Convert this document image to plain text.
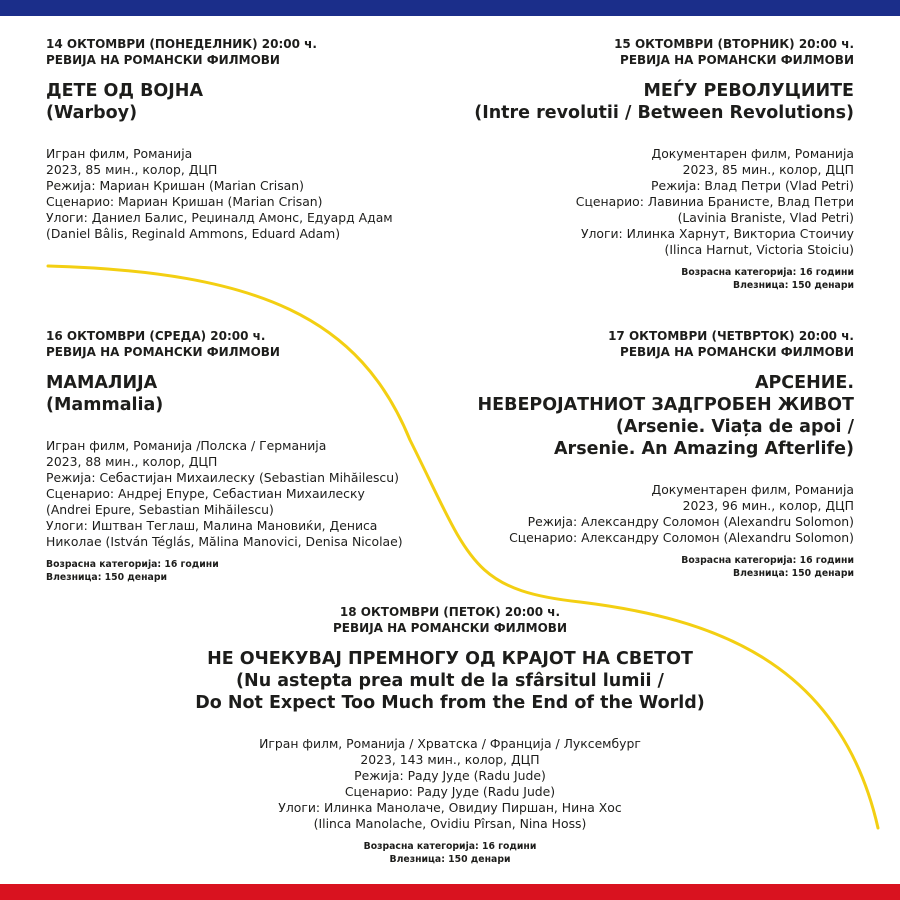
14 ОКТОМВРИ (ПОНЕДЕЛНИК) 20:00 ч.
РЕВИЈА НА РОМАНСКИ ФИЛМОВИ
ДЕТЕ ОД ВОЈНА
(Warboy)
Игран филм, Романија
2023, 85 мин., колор, ДЦП
Режија: Мариан Кришан (Marian Crisan)
Сценарио: Мариан Кришан (Marian Crisan)
Улоги: Даниел Балис, Реџиналд Амонс, Едуард Адам
(Daniel Bâlis, Reginald Ammons, Eduard Adam)
15 ОКТОМВРИ (ВТОРНИК) 20:00 ч.
РЕВИЈА НА РОМАНСКИ ФИЛМОВИ
МЕЃУ РЕВОЛУЦИИТЕ
(Intre revolutii / Between Revolutions)
Документарен филм, Романија
2023, 85 мин., колор, ДЦП
Режија: Влад Петри (Vlad Petri)
Сценарио: Лавиниа Бранисте, Влад Петри
(Lavinia Braniste, Vlad Petri)
Улоги: Илинка Харнут, Викториа Стоичиу
(Ilinca Harnut, Victoria Stoiciu)
Возрасна категорија: 16 години
Влезница: 150 денари
16 ОКТОМВРИ (СРЕДА) 20:00 ч.
РЕВИЈА НА РОМАНСКИ ФИЛМОВИ
МАМАЛИЈА
(Mammalia)
Игран филм, Романија /Полска / Германија
2023, 88 мин., колор, ДЦП
Режија: Себастијан Михаилеску (Sebastian Mihăilescu)
Сценарио: Андреј Епуре, Себастиан Михаилеску
(Andrei Epure, Sebastian Mihăilescu)
Улоги: Иштван Теглаш, Малина Мановиќи, Дениса
Николае (István Téglás, Mălina Manovici, Denisa Nicolae)
Возрасна категорија: 16 години
Влезница: 150 денари
17 ОКТОМВРИ (ЧЕТВРТОК) 20:00 ч.
РЕВИЈА НА РОМАНСКИ ФИЛМОВИ
АРСЕНИЕ.
НЕВЕРОЈАТНИОТ ЗАДГРОБЕН ЖИВОТ
(Arsenie. Viața de apoi /
Arsenie. An Amazing Afterlife)
Документарен филм, Романија
2023, 96 мин., колор, ДЦП
Режија: Александру Соломон (Alexandru Solomon)
Сценарио: Александру Соломон (Alexandru Solomon)
Возрасна категорија: 16 години
Влезница: 150 денари
18 ОКТОМВРИ (ПЕТОК) 20:00 ч.
РЕВИЈА НА РОМАНСКИ ФИЛМОВИ
НЕ ОЧЕКУВАЈ ПРЕМНОГУ ОД КРАЈОТ НА СВЕТОТ
(Nu astepta prea mult de la sfârsitul lumii /
Do Not Expect Too Much from the End of the World)
Игран филм, Романија / Хрватска / Франција / Луксембург
2023, 143 мин., колор, ДЦП
Режија: Раду Јуде (Radu Jude)
Сценарио: Раду Јуде (Radu Jude)
Улоги: Илинка Манолаче, Овидиу Пиршан, Нина Хос
(Ilinca Manolache, Ovidiu Pîrsan, Nina Hoss)
Возрасна категорија: 16 години
Влезница: 150 денари
